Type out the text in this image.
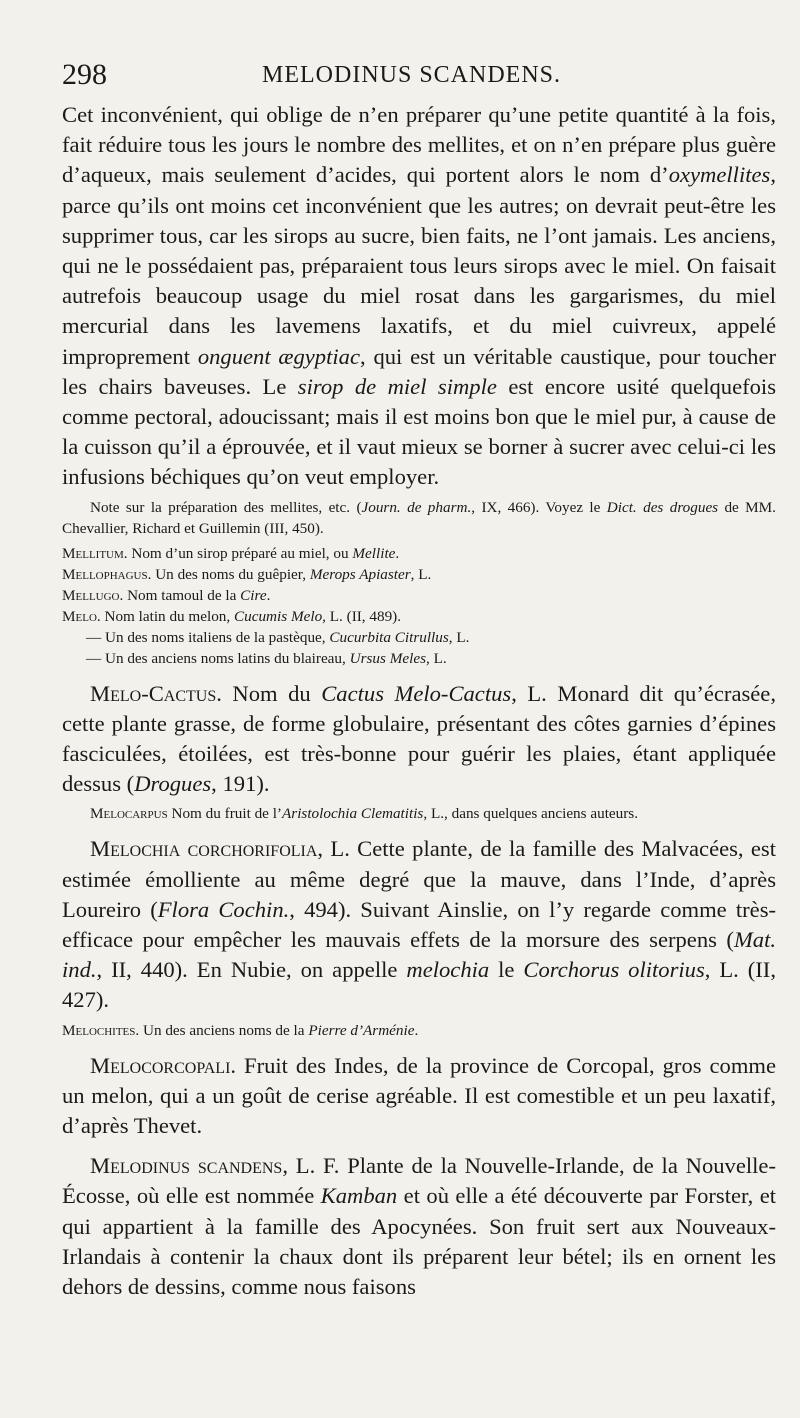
298	MELODINUS SCANDENS.

Cet inconvénient, qui oblige de n’en préparer qu’une petite quantité à la fois, fait réduire tous les jours le nombre des mellites, et on n’en prépare plus guère d’aqueux, mais seulement d’acides, qui portent alors le nom d’oxymellites, parce qu’ils ont moins cet inconvénient que les autres; on devrait peut-être les supprimer tous, car les sirops au sucre, bien faits, ne l’ont jamais. Les anciens, qui ne le possédaient pas, préparaient tous leurs sirops avec le miel. On faisait autrefois beaucoup usage du miel rosat dans les gargarismes, du miel mercurial dans les lavemens laxatifs, et du miel cuivreux, appelé improprement onguent ægyptiac, qui est un véritable caustique, pour toucher les chairs baveuses. Le sirop de miel simple est encore usité quelquefois comme pectoral, adoucissant; mais il est moins bon que le miel pur, à cause de la cuisson qu’il a éprouvée, et il vaut mieux se borner à sucrer avec celui-ci les infusions béchiques qu’on veut employer.

Note sur la préparation des mellites, etc. (Journ. de pharm., IX, 466). Voyez le Dict. des drogues de MM. Chevallier, Richard et Guillemin (III, 450).

Mellitum. Nom d’un sirop préparé au miel, ou Mellite.

Mellophagus. Un des noms du guêpier, Merops Apiaster, L.

Mellugo. Nom tamoul de la Cire.

Melo. Nom latin du melon, Cucumis Melo, L. (II, 489).

— Un des noms italiens de la pastèque, Cucurbita Citrullus, L.

— Un des anciens noms latins du blaireau, Ursus Meles, L.

Melo-Cactus. Nom du Cactus Melo-Cactus, L. Monard dit qu’écrasée, cette plante grasse, de forme globulaire, présentant des côtes garnies d’épines fasciculées, étoilées, est très-bonne pour guérir les plaies, étant appliquée dessus (Drogues, 191).

Melocarpus Nom du fruit de l’Aristolochia Clematitis, L., dans quelques anciens auteurs.

Melochia corchorifolia, L. Cette plante, de la famille des Malvacées, est estimée émolliente au même degré que la mauve, dans l’Inde, d’après Loureiro (Flora Cochin., 494). Suivant Ainslie, on l’y regarde comme très-efficace pour empêcher les mauvais effets de la morsure des serpens (Mat. ind., II, 440). En Nubie, on appelle melochia le Corchorus olitorius, L. (II, 427).

Melochites. Un des anciens noms de la Pierre d’Arménie.

Melocorcopali. Fruit des Indes, de la province de Corcopal, gros comme un melon, qui a un goût de cerise agréable. Il est comestible et un peu laxatif, d’après Thevet.

Melodinus scandens, L. F. Plante de la Nouvelle-Irlande, de la Nouvelle-Écosse, où elle est nommée Kamban et où elle a été découverte par Forster, et qui appartient à la famille des Apocynées. Son fruit sert aux Nouveaux-Irlandais à contenir la chaux dont ils préparent leur bétel; ils en ornent les dehors de dessins, comme nous faisons
